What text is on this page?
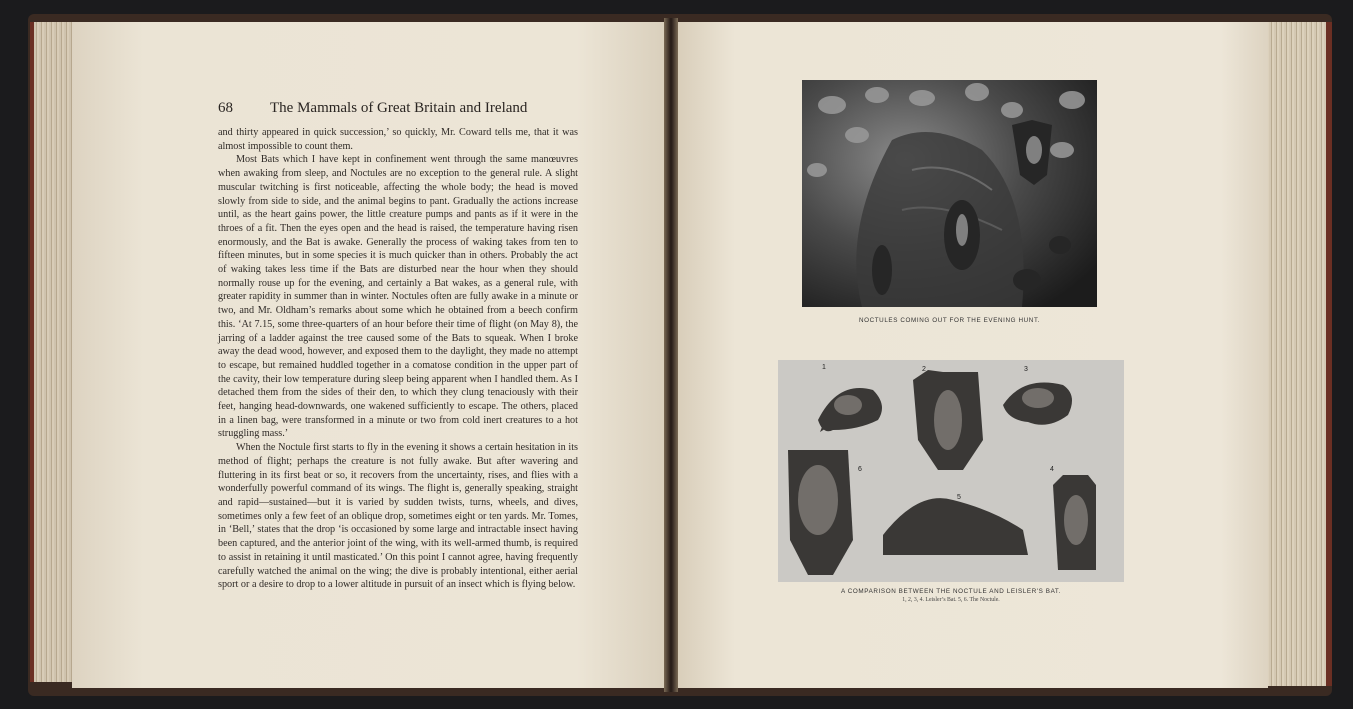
68 The Mammals of Great Britain and Ireland

and thirty appeared in quick succession,’ so quickly, Mr. Coward tells me, that it was almost impossible to count them.

Most Bats which I have kept in confinement went through the same manœuvres when awaking from sleep, and Noctules are no exception to the general rule. A slight muscular twitching is first noticeable, affecting the whole body; the head is moved slowly from side to side, and the animal begins to pant. Gradually the actions increase until, as the heart gains power, the little creature pumps and pants as if it were in the throes of a fit. Then the eyes open and the head is raised, the temperature having risen enormously, and the Bat is awake. Generally the process of waking takes from ten to fifteen minutes, but in some species it is much quicker than in others. Probably the act of waking takes less time if the Bats are disturbed near the hour when they should normally rouse up for the evening, and certainly a Bat wakes, as a general rule, with greater rapidity in summer than in winter. Noctules often are fully awake in a minute or two, and Mr. Oldham’s remarks about some which he obtained from a beech confirm this. ‘At 7.15, some three-quarters of an hour before their time of flight (on May 8), the jarring of a ladder against the tree caused some of the Bats to squeak. When I broke away the dead wood, however, and exposed them to the daylight, they made no attempt to escape, but remained huddled together in a comatose condition in the upper part of the cavity, their low temperature during sleep being apparent when I handled them. As I detached them from the sides of their den, to which they clung tenaciously with their feet, hanging head-downwards, one wakened sufficiently to escape. The others, placed in a linen bag, were transformed in a minute or two from cold inert creatures to a hot struggling mass.’

When the Noctule first starts to fly in the evening it shows a certain hesitation in its method of flight; perhaps the creature is not fully awake. But after wavering and fluttering in its first beat or so, it recovers from the uncertainty, rises, and flies with a wonderfully powerful command of its wings. The flight is, generally speaking, straight and rapid—sustained—but it is varied by sudden twists, turns, wheels, and dives, sometimes only a few feet of an oblique drop, sometimes eight or ten yards. Mr. Tomes, in ‘Bell,’ states that the drop ‘is occasioned by some large and intractable insect having been captured, and the anterior joint of the wing, with its well-armed thumb, is required to assist in retaining it until masticated.’ On this point I cannot agree, having frequently carefully watched the animal on the wing; the dive is probably intentional, either aerial sport or a desire to drop to a lower altitude in pursuit of an insect which is flying below.

NOCTULES COMING OUT FOR THE EVENING HUNT.
1	2	3
4
5
6
A COMPARISON BETWEEN THE NOCTULE AND LEISLER'S BAT.
1, 2, 3, 4. Leisler’s Bat. 5, 6. The Noctule.
